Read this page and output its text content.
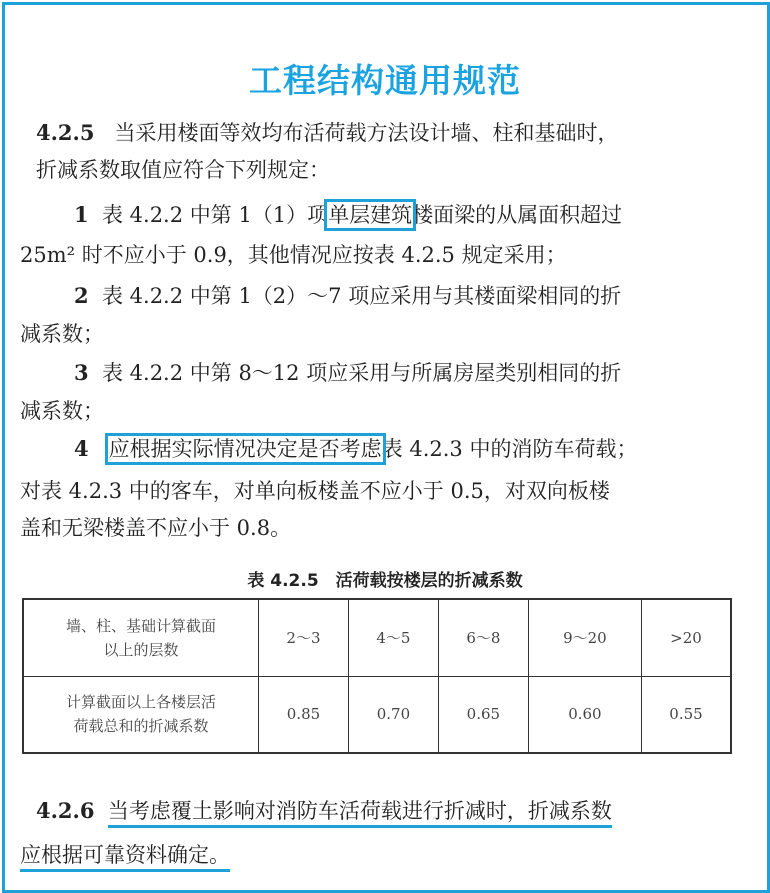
工程结构通用规范
4.2.5 当采用楼面等效均布活荷载方法设计墙、柱和基础时，
折减系数取值应符合下列规定：
1 表 4.2.2 中第 1（1）项单层建筑楼面梁的从属面积超过
25m² 时不应小于 0.9，其他情况应按表 4.2.5 规定采用；
2 表 4.2.2 中第 1（2）～7 项应采用与其楼面梁相同的折
减系数；
3 表 4.2.2 中第 8～12 项应采用与所属房屋类别相同的折
减系数；
4 应根据实际情况决定是否考虑表 4.2.3 中的消防车荷载；
对表 4.2.3 中的客车，对单向板楼盖不应小于 0.5，对双向板楼
盖和无梁楼盖不应小于 0.8。
表 4.2.5　活荷载按楼层的折减系数
墙、柱、基础计算截面
以上的层数	2～3	4～5	6～8	9～20	>20

计算截面以上各楼层活
荷载总和的折减系数	0.85	0.70	0.65	0.60	0.55
4.2.6 当考虑覆土影响对消防车活荷载进行折减时，折减系数
应根据可靠资料确定。
